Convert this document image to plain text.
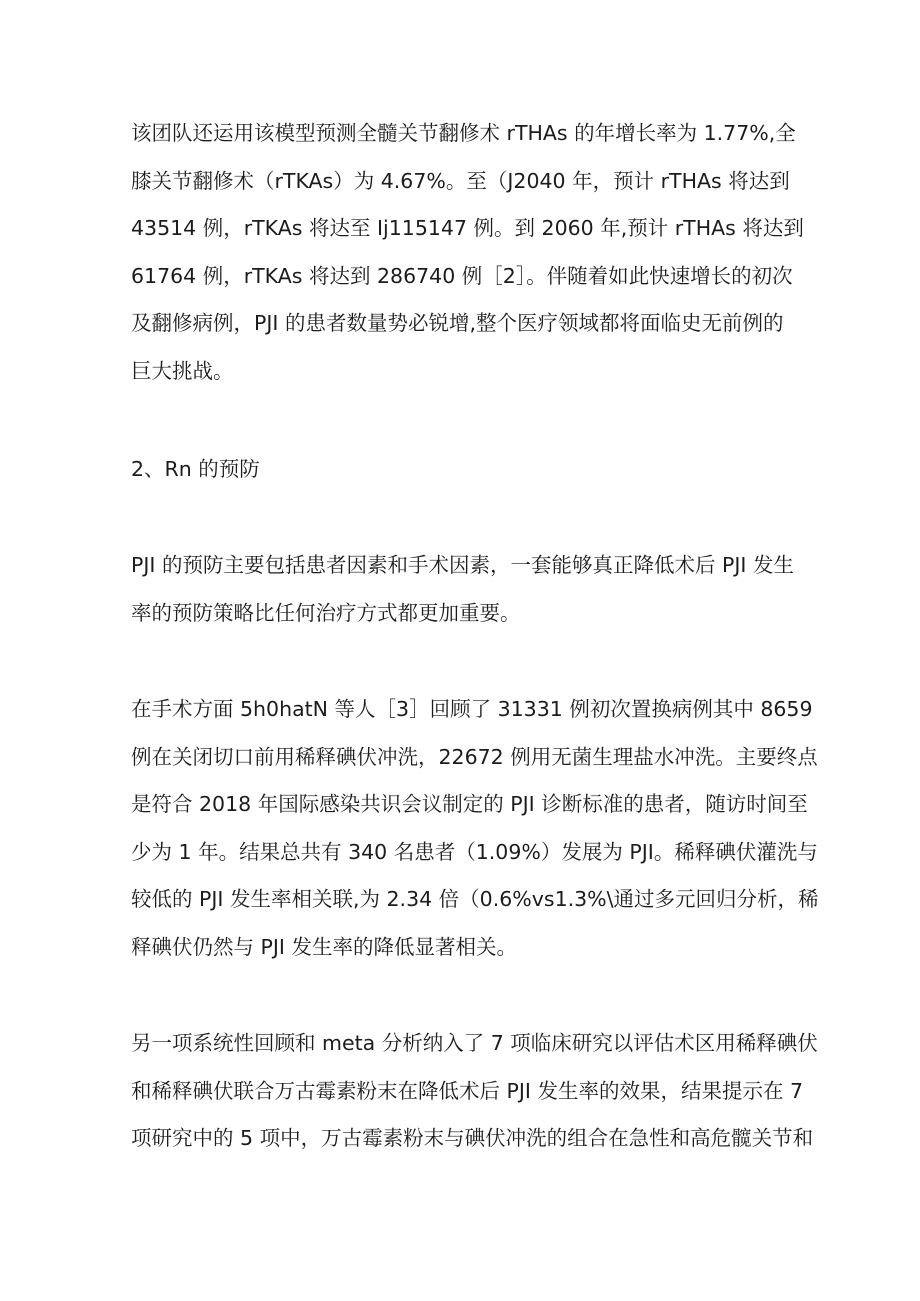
该团队还运用该模型预测全髓关节翻修术 rTHAs 的年增长率为 1.77%,全
膝关节翻修术（rTKAs）为 4.67%。至（J2040 年，预计 rTHAs 将达到
43514 例，rTKAs 将达至 Ij115147 例。到 2060 年,预计 rTHAs 将达到
61764 例，rTKAs 将达到 286740 例［2］。伴随着如此快速增长的初次
及翻修病例，PJI 的患者数量势必锐增,整个医疗领域都将面临史无前例的
巨大挑战。

2、Rn 的预防

PJI 的预防主要包括患者因素和手术因素，一套能够真正降低术后 PJI 发生
率的预防策略比任何治疗方式都更加重要。

在手术方面 5h0hatN 等人［3］回顾了 31331 例初次置换病例其中 8659
例在关闭切口前用稀释碘伏冲洗，22672 例用无菌生理盐水冲洗。主要终点
是符合 2018 年国际感染共识会议制定的 PJI 诊断标准的患者，随访时间至
少为 1 年。结果总共有 340 名患者（1.09%）发展为 PJI。稀释碘伏灌洗与
较低的 PJI 发生率相关联,为 2.34 倍（0.6%vs1.3%\通过多元回归分析，稀
释碘伏仍然与 PJI 发生率的降低显著相关。

另一项系统性回顾和 meta 分析纳入了 7 项临床研究以评估术区用稀释碘伏
和稀释碘伏联合万古霉素粉末在降低术后 PJI 发生率的效果，结果提示在 7
项研究中的 5 项中，万古霉素粉末与碘伏冲洗的组合在急性和高危髋关节和
